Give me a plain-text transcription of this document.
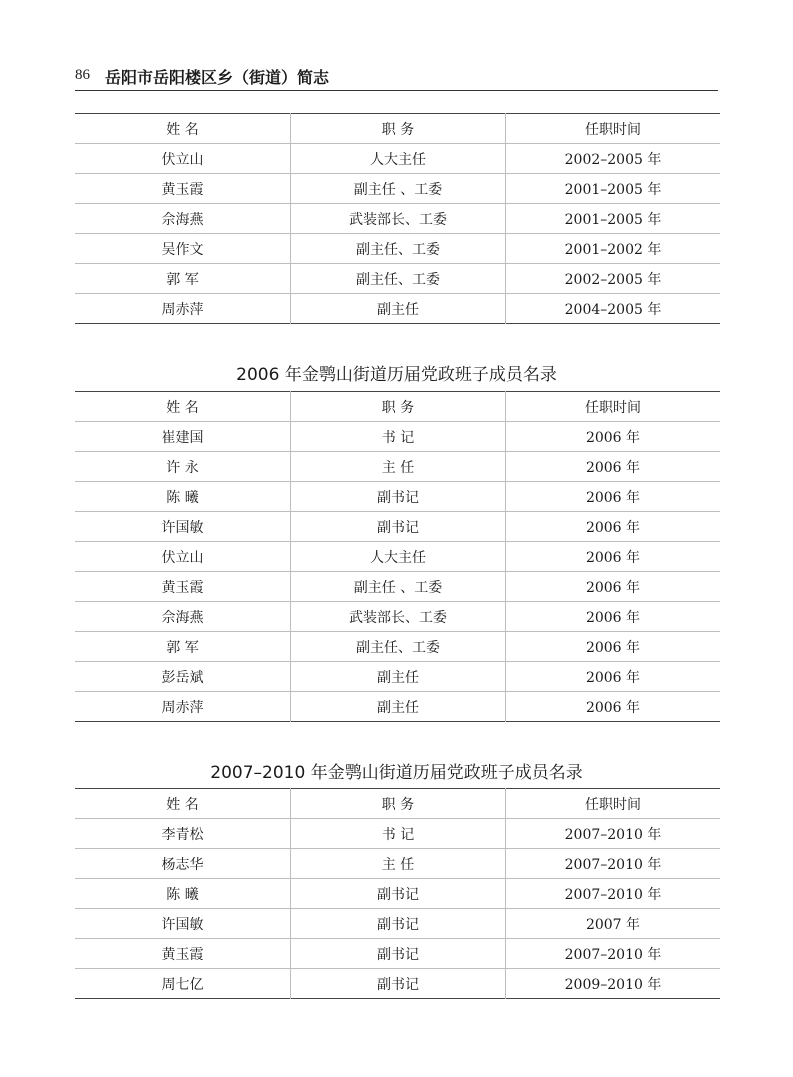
86 岳阳市岳阳楼区乡（街道）简志
姓 名	职 务	任职时间
伏立山	人大主任	2002–2005 年
黄玉霞	副主任 、工委	2001–2005 年
佘海燕	武装部长、工委	2001–2005 年
吴作文	副主任、工委	2001–2002 年
郭 军	副主任、工委	2002–2005 年
周赤萍	副主任	2004–2005 年
2006 年金鹗山街道历届党政班子成员名录
姓 名	职 务	任职时间
崔建国	书 记	2006 年
许 永	主 任	2006 年
陈 曦	副书记	2006 年
许国敏	副书记	2006 年
伏立山	人大主任	2006 年
黄玉霞	副主任 、工委	2006 年
佘海燕	武装部长、工委	2006 年
郭 军	副主任、工委	2006 年
彭岳斌	副主任	2006 年
周赤萍	副主任	2006 年
2007–2010 年金鹗山街道历届党政班子成员名录
姓 名	职 务	任职时间
李青松	书 记	2007–2010 年
杨志华	主 任	2007–2010 年
陈 曦	副书记	2007–2010 年
许国敏	副书记	2007 年
黄玉霞	副书记	2007–2010 年
周七亿	副书记	2009–2010 年
